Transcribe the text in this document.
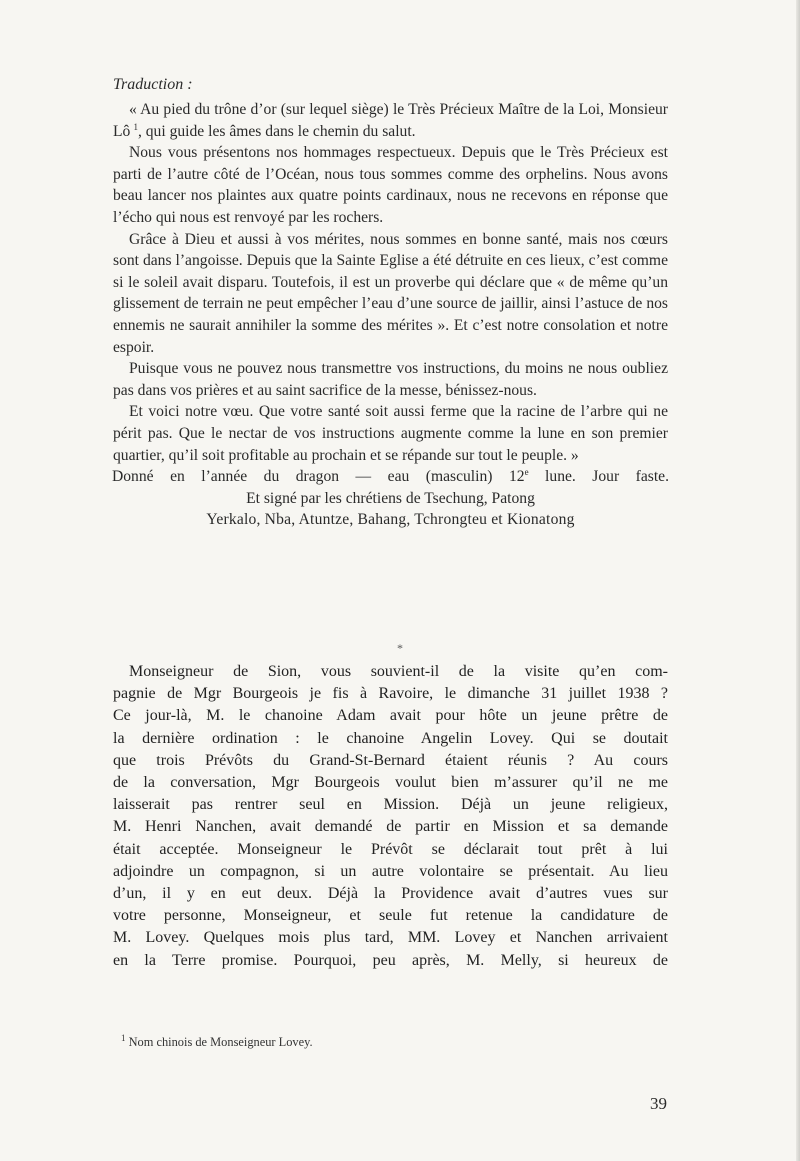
Traduction :

« Au pied du trône d’or (sur lequel siège) le Très Précieux Maître de la Loi, Monsieur Lô  $^1$, qui guide les âmes dans le chemin du salut.

Nous vous présentons nos hommages respectueux. Depuis que le Très Précieux est parti de l’autre côté de l’Océan, nous tous sommes comme des orphelins. Nous avons beau lancer nos plaintes aux quatre points cardinaux, nous ne recevons en réponse que l’écho qui nous est renvoyé par les rochers.

Grâce à Dieu et aussi à vos mérites, nous sommes en bonne santé, mais nos cœurs sont dans l’angoisse. Depuis que la Sainte Eglise a été détruite en ces lieux, c’est comme si le soleil avait disparu. Toutefois, il est un proverbe qui déclare que « de même qu’un glissement de terrain ne peut empêcher l’eau d’une source de jaillir, ainsi l’astuce de nos ennemis ne saurait annihiler la somme des mérites ». Et c’est notre consolation et notre espoir.

Puisque vous ne pouvez nous transmettre vos instructions, du moins ne nous oubliez pas dans vos prières et au saint sacrifice de la messe, bénissez-nous.

Et voici notre vœu. Que votre santé soit aussi ferme que la racine de l’arbre qui ne périt pas. Que le nectar de vos instructions augmente comme la lune en son premier quartier, qu’il soit profitable au prochain et se répande sur tout le peuple. »

Donné en l’année du dragon — eau (masculin) 12e lune. Jour faste.

Et signé par les chrétiens de Tsechung, Patong

Yerkalo, Nba, Atuntze, Bahang, Tchrongteu et Kionatong

*
Monseigneur de Sion, vous souvient-il de la visite qu’en com-
pagnie de Mgr Bourgeois je fis à Ravoire, le dimanche 31 juillet 1938 ?
Ce jour-là, M. le chanoine Adam avait pour hôte un jeune prêtre de
la dernière ordination : le chanoine Angelin Lovey. Qui se doutait
que trois Prévôts du Grand-St-Bernard étaient réunis ? Au cours
de la conversation, Mgr Bourgeois voulut bien m’assurer qu’il ne me
laisserait pas rentrer seul en Mission. Déjà un jeune religieux,
M. Henri Nanchen, avait demandé de partir en Mission et sa demande
était acceptée. Monseigneur le Prévôt se déclarait tout prêt à lui
adjoindre un compagnon, si un autre volontaire se présentait. Au lieu
d’un, il y en eut deux. Déjà la Providence avait d’autres vues sur
votre personne, Monseigneur, et seule fut retenue la candidature de
M. Lovey. Quelques mois plus tard, MM. Lovey et Nanchen arrivaient
en la Terre promise. Pourquoi, peu après, M. Melly, si heureux de
$^1$ Nom chinois de Monseigneur Lovey.
39
